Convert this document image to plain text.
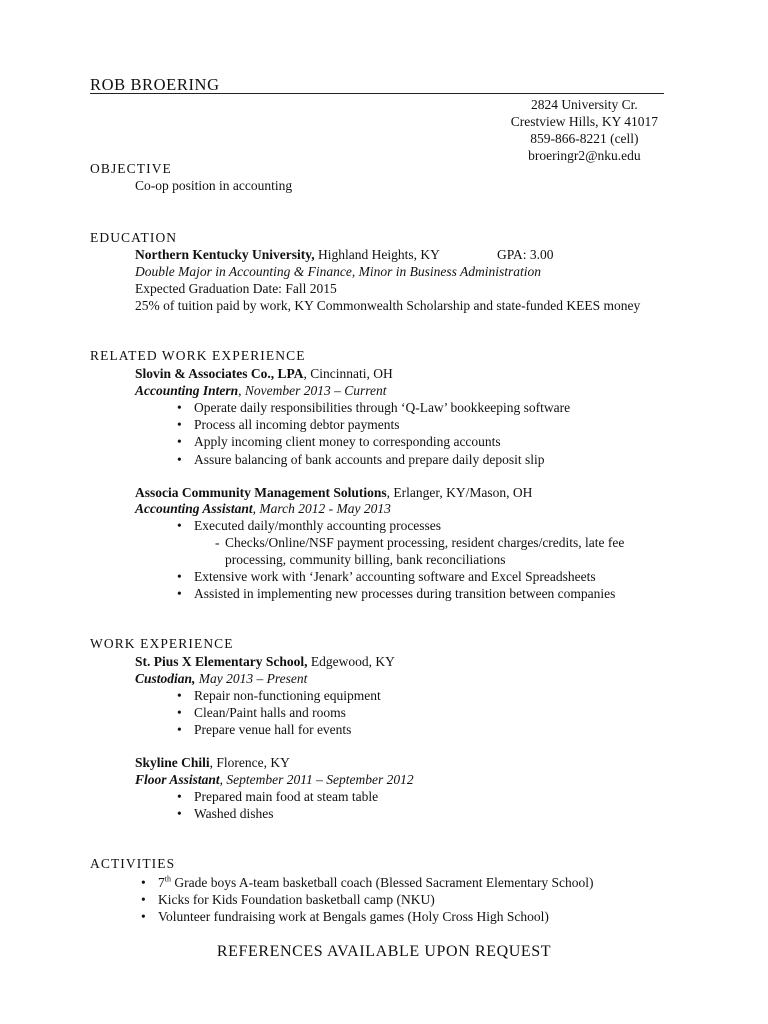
ROB BROERING
2824 University Cr.
Crestview Hills, KY 41017
859-866-8221 (cell)
broeringr2@nku.edu
OBJECTIVE
Co-op position in accounting
EDUCATION
Northern Kentucky University, Highland Heights, KY	GPA: 3.00
Double Major in Accounting & Finance, Minor in Business Administration
Expected Graduation Date: Fall 2015
25% of tuition paid by work, KY Commonwealth Scholarship and state-funded KEES money
RELATED WORK EXPERIENCE
Slovin & Associates Co., LPA, Cincinnati, OH
Accounting Intern, November 2013 – Current
• Operate daily responsibilities through ‘Q-Law’ bookkeeping software
• Process all incoming debtor payments
• Apply incoming client money to corresponding accounts
• Assure balancing of bank accounts and prepare daily deposit slip
Associa Community Management Solutions, Erlanger, KY/Mason, OH
Accounting Assistant, March 2012 - May 2013
• Executed daily/monthly accounting processes
- Checks/Online/NSF payment processing, resident charges/credits, late fee
processing, community billing, bank reconciliations
• Extensive work with ‘Jenark’ accounting software and Excel Spreadsheets
• Assisted in implementing new processes during transition between companies
WORK EXPERIENCE
St. Pius X Elementary School, Edgewood, KY
Custodian, May 2013 – Present
• Repair non-functioning equipment
• Clean/Paint halls and rooms
• Prepare venue hall for events
Skyline Chili, Florence, KY
Floor Assistant, September 2011 – September 2012
• Prepared main food at steam table
• Washed dishes
ACTIVITIES
• 7th Grade boys A-team basketball coach (Blessed Sacrament Elementary School)
• Kicks for Kids Foundation basketball camp (NKU)
• Volunteer fundraising work at Bengals games (Holy Cross High School)
REFERENCES AVAILABLE UPON REQUEST
